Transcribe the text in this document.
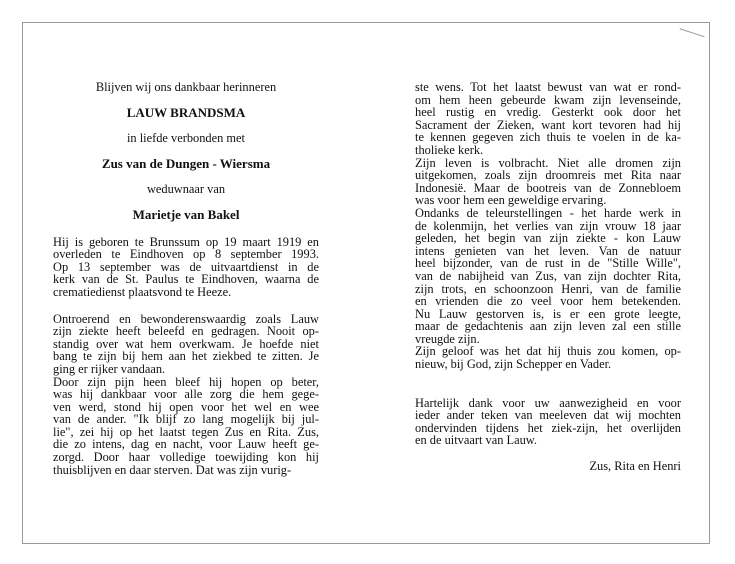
Blijven wij ons dankbaar herinneren
LAUW BRANDSMA
in liefde verbonden met
Zus van de Dungen - Wiersma
weduwnaar van
Marietje van Bakel
Hij is geboren te Brunssum op 19 maart 1919 en
overleden te Eindhoven op 8 september 1993.
Op 13 september was de uitvaartdienst in de
kerk van de St. Paulus te Eindhoven, waarna de
crematiedienst plaatsvond te Heeze.
Ontroerend en bewonderenswaardig zoals Lauw
zijn ziekte heeft beleefd en gedragen. Nooit op-
standig over wat hem overkwam. Je hoefde niet
bang te zijn bij hem aan het ziekbed te zitten. Je
ging er rijker vandaan.
Door zijn pijn heen bleef hij hopen op beter,
was hij dankbaar voor alle zorg die hem gege-
ven werd, stond hij open voor het wel en wee
van de ander. "Ik blijf zo lang mogelijk bij jul-
lie", zei hij op het laatst tegen Zus en Rita. Zus,
die zo intens, dag en nacht, voor Lauw heeft ge-
zorgd. Door haar volledige toewijding kon hij
thuisblijven en daar sterven. Dat was zijn vurig-
ste wens. Tot het laatst bewust van wat er rond-
om hem heen gebeurde kwam zijn levenseinde,
heel rustig en vredig. Gesterkt ook door het
Sacrament der Zieken, want kort tevoren had hij
te kennen gegeven zich thuis te voelen in de ka-
tholieke kerk.
Zijn leven is volbracht. Niet alle dromen zijn
uitgekomen, zoals zijn droomreis met Rita naar
Indonesië. Maar de bootreis van de Zonnebloem
was voor hem een geweldige ervaring.
Ondanks de teleurstellingen - het harde werk in
de kolenmijn, het verlies van zijn vrouw 18 jaar
geleden, het begin van zijn ziekte - kon Lauw
intens genieten van het leven. Van de natuur
heel bijzonder, van de rust in de "Stille Wille",
van de nabijheid van Zus, van zijn dochter Rita,
zijn trots, en schoonzoon Henri, van de familie
en vrienden die zo veel voor hem betekenden.
Nu Lauw gestorven is, is er een grote leegte,
maar de gedachtenis aan zijn leven zal een stille
vreugde zijn.
Zijn geloof was het dat hij thuis zou komen, op-
nieuw, bij God, zijn Schepper en Vader.
Hartelijk dank voor uw aanwezigheid en voor
ieder ander teken van meeleven dat wij mochten
ondervinden tijdens het ziek-zijn, het overlijden
en de uitvaart van Lauw.
Zus, Rita en Henri
